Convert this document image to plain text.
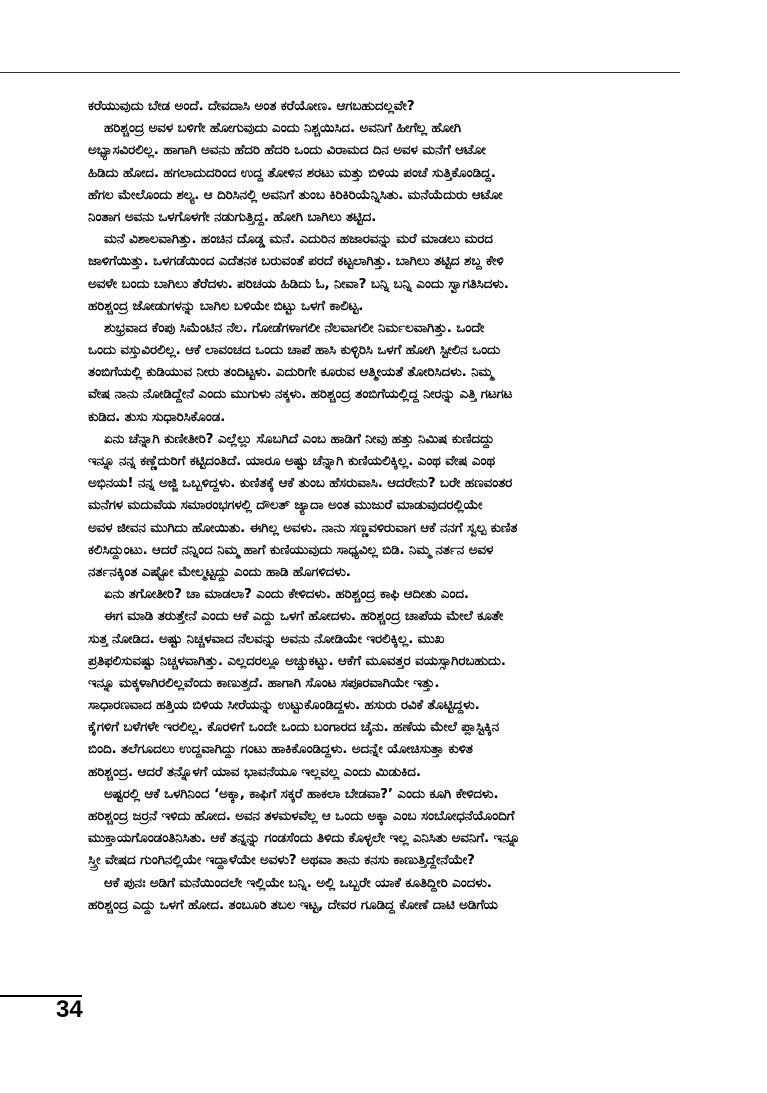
ಕರೆಯುವುದು ಬೇಡ ಅಂದೆ. ದೇವದಾಸಿ ಅಂತ ಕರೆಯೋಣ. ಆಗಬಹುದಲ್ಲವೇ?
ಹರಿಶ್ಚಂದ್ರ ಅವಳ ಬಳಿಗೇ ಹೋಗುವುದು ಎಂದು ನಿಶ್ಚಯಿಸಿದ. ಅವನಿಗೆ ಹೀಗೆಲ್ಲ ಹೋಗಿ
ಅಭ್ಯಾಸವಿರಲಿಲ್ಲ. ಹಾಗಾಗಿ ಅವನು ಹೆದರಿ ಹೆದರಿ ಒಂದು ವಿರಾಮದ ದಿನ ಅವಳ ಮನೆಗೆ ಆಟೋ
ಹಿಡಿದು ಹೋದ. ಹಗಲಾದುದರಿಂದ ಉದ್ದ ತೋಳಿನ ಶರಟು ಮತ್ತು ಬಿಳಿಯ ಪಂಚೆ ಸುತ್ತಿಕೊಂಡಿದ್ದ.
ಹೆಗಲ ಮೇಲೊಂದು ಶಲ್ಯ. ಆ ದಿರಿಸಿನಲ್ಲಿ ಅವನಿಗೆ ತುಂಬ ಕಿರಿಕಿರಿಯೆನ್ನಿಸಿತು. ಮನೆಯೆದುರು ಆಟೋ
ನಿಂತಾಗ ಅವನು ಒಳಗೊಳಗೇ ನಡುಗುತ್ತಿದ್ದ. ಹೋಗಿ ಬಾಗಿಲು ತಟ್ಟಿದ.
ಮನೆ ವಿಶಾಲವಾಗಿತ್ತು. ಹಂಚಿನ ದೊಡ್ಡ ಮನೆ. ಎದುರಿನ ಹಜಾರವನ್ನು ಮರೆ ಮಾಡಲು ಮರದ
ಜಾಳಿಗೆಯಿತ್ತು. ಒಳಗಡೆಯಿಂದ ಎದೆತನಕ ಬರುವಂತೆ ಪರದೆ ಕಟ್ಟಲಾಗಿತ್ತು. ಬಾಗಿಲು ತಟ್ಟಿದ ಶಬ್ದ ಕೇಳಿ
ಅವಳೇ ಬಂದು ಬಾಗಿಲು ತೆರೆದಳು. ಪರಿಚಯ ಹಿಡಿದು ಓ, ನೀವಾ? ಬನ್ನಿ ಬನ್ನಿ ಎಂದು ಸ್ವಾಗತಿಸಿದಳು.
ಹರಿಶ್ಚಂದ್ರ ಜೋಡುಗಳನ್ನು ಬಾಗಿಲ ಬಳಿಯೇ ಬಿಟ್ಟು ಒಳಗೆ ಕಾಲಿಟ್ಟ.
ಶುಭ್ರವಾದ ಕೆಂಪು ಸಿಮೆಂಟಿನ ನೆಲ. ಗೋಡೆಗಳಾಗಲೀ ನೆಲವಾಗಲೀ ನಿರ್ಮಲವಾಗಿತ್ತು. ಒಂದೇ
ಒಂದು ವಸ್ತುವಿರಲಿಲ್ಲ. ಆಕೆ ಲಾವಂಚದ ಒಂದು ಚಾಪೆ ಹಾಸಿ ಕುಳ್ಳಿರಿಸಿ ಒಳಗೆ ಹೋಗಿ ಸ್ಟೀಲಿನ ಒಂದು
ತಂಬಿಗೆಯಲ್ಲಿ ಕುಡಿಯುವ ನೀರು ತಂದಿಟ್ಟಳು. ಎದುರಿಗೇ ಕೂರುವ ಆತ್ಮೀಯತೆ ತೋರಿಸಿದಳು. ನಿಮ್ಮ
ವೇಷ ನಾನು ನೋಡಿದ್ದೇನೆ ಎಂದು ಮುಗುಳು ನಕ್ಕಳು. ಹರಿಶ್ಚಂದ್ರ ತಂಬಿಗೆಯಲ್ಲಿದ್ದ ನೀರನ್ನು ಎತ್ತಿ ಗಟಗಟ
ಕುಡಿದ. ತುಸು ಸುಧಾರಿಸಿಕೊಂಡ.
ಏನು ಚೆನ್ನಾಗಿ ಕುಣೀತೀರಿ? ಎಲ್ಲೆಲ್ಲು ಸೊಬಗಿದೆ ಎಂಬ ಹಾಡಿಗೆ ನೀವು ಹತ್ತು ನಿಮಿಷ ಕುಣಿದದ್ದು
ಇನ್ನೂ ನನ್ನ ಕಣ್ಣೆದುರಿಗೆ ಕಟ್ಟಿದಂತಿದೆ. ಯಾರೂ ಅಷ್ಟು ಚೆನ್ನಾಗಿ ಕುಣಿಯಲಿಕ್ಕಿಲ್ಲ. ಎಂಥ ವೇಷ ಎಂಥ
ಅಭಿನಯ! ನನ್ನ ಅಜ್ಜಿ ಒಬ್ಬಳಿದ್ದಳು. ಕುಣಿತಕ್ಕೆ ಆಕೆ ತುಂಬ ಹೆಸರುವಾಸಿ. ಆದರೇನು? ಬರೇ ಹಣವಂತರ
ಮನೆಗಳ ಮದುವೆಯ ಸಮಾರಂಭಗಳಲ್ಲಿ ದೌಲತ್ ಜ್ಯಾದಾ ಅಂತ ಮುಜುರೆ ಮಾಡುವುದರಲ್ಲಿಯೇ
ಅವಳ ಜೀವನ ಮುಗಿದು ಹೋಯಿತು. ಈಗಿಲ್ಲ ಅವಳು. ನಾನು ಸಣ್ಣವಳಿರುವಾಗ ಆಕೆ ನನಗೆ ಸ್ವಲ್ಪ ಕುಣಿತ
ಕಲಿಸಿದ್ದುಂಟು. ಆದರೆ ನನ್ನಿಂದ ನಿಮ್ಮ ಹಾಗೆ ಕುಣಿಯುವುದು ಸಾಧ್ಯವಿಲ್ಲ ಬಿಡಿ. ನಿಮ್ಮ ನರ್ತನ ಅವಳ
ನರ್ತನಕ್ಕಿಂತ ಎಷ್ಟೋ ಮೇಲ್ಮಟ್ಟದ್ದು ಎಂದು ಹಾಡಿ ಹೊಗಳಿದಳು.
ಏನು ತಗೋತೀರಿ? ಚಾ ಮಾಡಲಾ? ಎಂದು ಕೇಳಿದಳು. ಹರಿಶ್ಚಂದ್ರ ಕಾಫಿ ಆದೀತು ಎಂದ.
ಈಗ ಮಾಡಿ ತರುತ್ತೇನೆ ಎಂದು ಆಕೆ ಎದ್ದು ಒಳಗೆ ಹೋದಳು. ಹರಿಶ್ಚಂದ್ರ ಚಾಪೆಯ ಮೇಲೆ ಕೂತೇ
ಸುತ್ತ ನೋಡಿದ. ಅಷ್ಟು ನಿಚ್ಚಳವಾದ ನೆಲವನ್ನು ಅವನು ನೋಡಿಯೇ ಇರಲಿಕ್ಕಿಲ್ಲ. ಮುಖ
ಪ್ರತಿಫಲಿಸುವಷ್ಟು ನಿಚ್ಚಳವಾಗಿತ್ತು. ಎಲ್ಲದರಲ್ಲೂ ಅಚ್ಚುಕಟ್ಟು. ಆಕೆಗೆ ಮೂವತ್ತರ ವಯಸ್ಸಾಗಿರಬಹುದು.
ಇನ್ನೂ ಮಕ್ಕಳಾಗಿರಲಿಲ್ಲವೆಂದು ಕಾಣುತ್ತದೆ. ಹಾಗಾಗಿ ಸೊಂಟ ಸಪೂರವಾಗಿಯೇ ಇತ್ತು.
ಸಾಧಾರಣವಾದ ಹತ್ತಿಯ ಬಿಳಿಯ ಸೀರೆಯನ್ನು ಉಟ್ಟುಕೊಂಡಿದ್ದಳು. ಹಸುರು ರವಿಕೆ ತೊಟ್ಟಿದ್ದಳು.
ಕೈಗಳಿಗೆ ಬಳೆಗಳೇ ಇರಲಿಲ್ಲ. ಕೊರಳಿಗೆ ಒಂದೇ ಒಂದು ಬಂಗಾರದ ಚೈನು. ಹಣೆಯ ಮೇಲೆ ಪ್ಲಾಸ್ಟಿಕ್ಕಿನ
ಬಿಂದಿ. ತಲೆಗೂದಲು ಉದ್ದವಾಗಿದ್ದು ಗಂಟು ಹಾಕಿಕೊಂಡಿದ್ದಳು. ಅದನ್ನೇ ಯೋಚಿಸುತ್ತಾ ಕುಳಿತ
ಹರಿಶ್ಚಂದ್ರ. ಆದರೆ ತನ್ನೊಳಗೆ ಯಾವ ಭಾವನೆಯೂ ಇಲ್ಲವಲ್ಲ ಎಂದು ಮಿಡುಕಿದ.
ಅಷ್ಟರಲ್ಲಿ ಆಕೆ ಒಳಗಿನಿಂದ ‘ಅಕ್ಕಾ, ಕಾಫಿಗೆ ಸಕ್ಕರೆ ಹಾಕಲಾ ಬೇಡವಾ?’ ಎಂದು ಕೂಗಿ ಕೇಳಿದಳು.
ಹರಿಶ್ಚಂದ್ರ ಜರ್ರನೆ ಇಳಿದು ಹೋದ. ಅವನ ತಳಮಳವೆಲ್ಲ ಆ ಒಂದು ಅಕ್ಕಾ ಎಂಬ ಸಂಬೋಧನೆಯೊಂದಿಗೆ
ಮುಕ್ತಾಯಗೊಂಡಂತಿನಿಸಿತು. ಆಕೆ ತನ್ನನ್ನು ಗಂಡಸೆಂದು ತಿಳಿದು ಕೊಳ್ಳಲೇ ಇಲ್ಲ ಎನಿಸಿತು ಅವನಿಗೆ. ಇನ್ನೂ
ಸ್ತ್ರೀ ವೇಷದ ಗುಂಗಿನಲ್ಲಿಯೇ ಇದ್ದಾಳೆಯೇ ಅವಳು? ಅಥವಾ ತಾನು ಕನಸು ಕಾಣುತ್ತಿದ್ದೇನೆಯೇ?
ಆಕೆ ಪುನಃ ಅಡಿಗೆ ಮನೆಯಿಂದಲೇ ಇಲ್ಲಿಯೇ ಬನ್ನಿ. ಅಲ್ಲಿ ಒಬ್ಬರೇ ಯಾಕೆ ಕೂತಿದ್ದೀರಿ ಎಂದಳು.
ಹರಿಶ್ಚಂದ್ರ ಎದ್ದು ಒಳಗೆ ಹೋದ. ತಂಬೂರಿ ತಬಲ ಇಟ್ಟ, ದೇವರ ಗೂಡಿದ್ದ ಕೋಣೆ ದಾಟಿ ಅಡಿಗೆಯ
34
